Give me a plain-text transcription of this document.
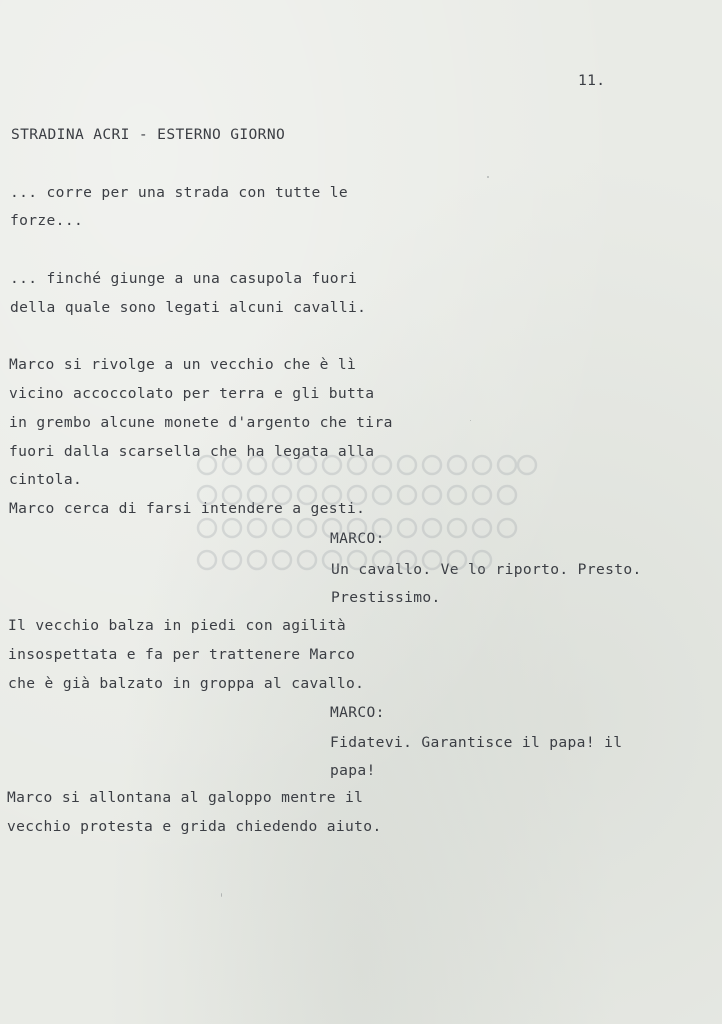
11.
STRADINA ACRI - ESTERNO GIORNO
... corre per una strada con tutte le
forze...
... finché giunge a una casupola fuori
della quale sono legati alcuni cavalli.
Marco si rivolge a un vecchio che è lì
vicino accoccolato per terra e gli butta
in grembo alcune monete d'argento che tira
fuori dalla scarsella che ha legata alla
cintola.
Marco cerca di farsi intendere a gesti.
MARCO:
Un cavallo. Ve lo riporto. Presto.
Prestissimo.
Il vecchio balza in piedi con agilità
insospettata e fa per trattenere Marco
che è già balzato in groppa al cavallo.
MARCO:
Fidatevi. Garantisce il papa! il
papa!
Marco si allontana al galoppo mentre il
vecchio protesta e grida chiedendo aiuto.
